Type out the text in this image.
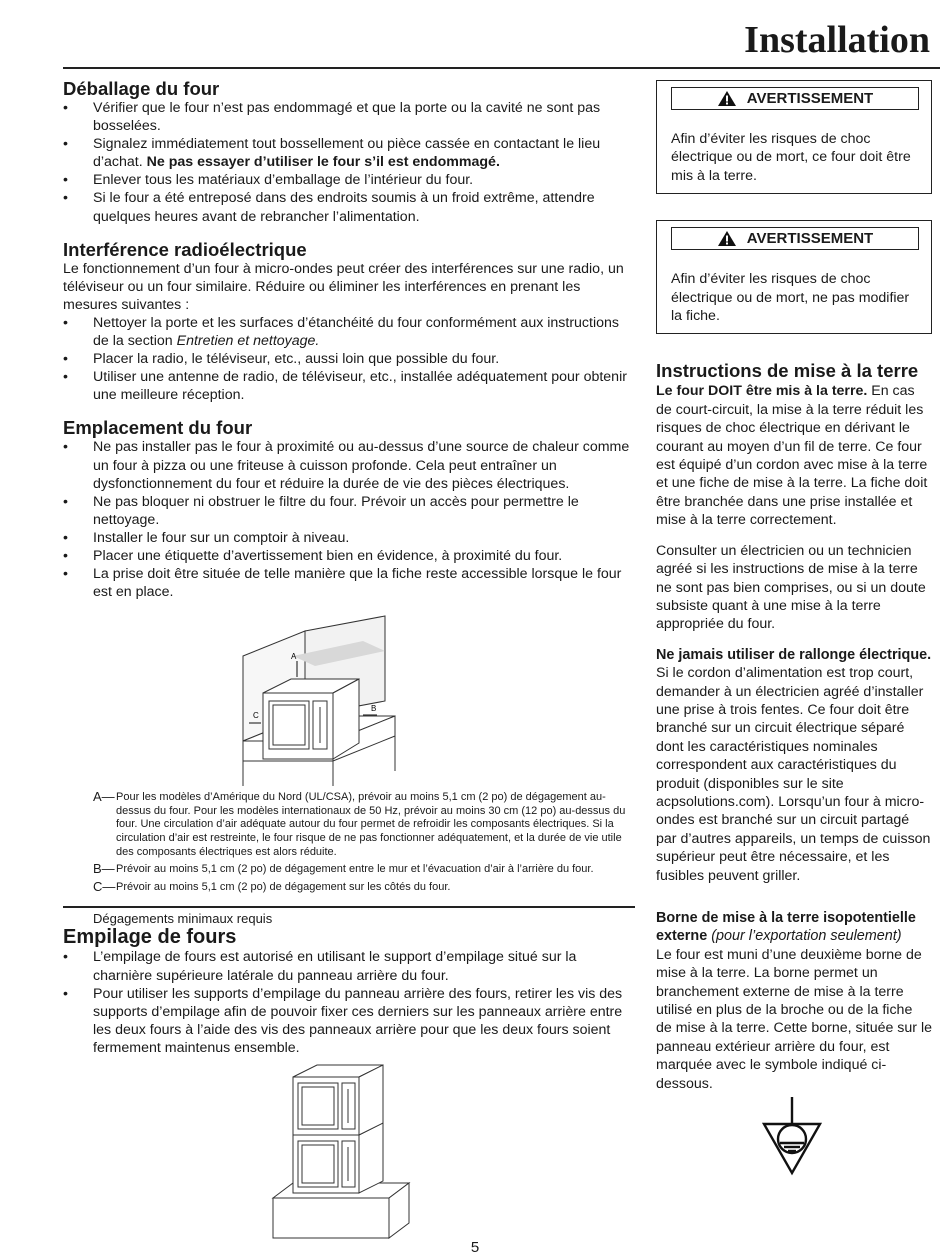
Installation
Déballage du four
• Vérifier que le four n’est pas endommagé et que la porte ou la cavité ne sont pas bosselées.
• Signalez immédiatement tout bossellement ou pièce cassée en contactant le lieu d’achat. Ne pas essayer d’utiliser le four s’il est endommagé.
• Enlever tous les matériaux d’emballage de l’intérieur du four.
• Si le four a été entreposé dans des endroits soumis à un froid extrême, attendre quelques heures avant de rebrancher l’alimentation.
Interférence radioélectrique

Le fonctionnement d’un four à micro-ondes peut créer des interférences sur une radio, un téléviseur ou un four similaire. Réduire ou éliminer les interférences en prenant les mesures suivantes :

• Nettoyer la porte et les surfaces d’étanchéité du four conformément aux instructions de la section Entretien et nettoyage.
• Placer la radio, le téléviseur, etc., aussi loin que possible du four.
• Utiliser une antenne de radio, de téléviseur, etc., installée adéquatement pour obtenir une meilleure réception.
Emplacement du four
• Ne pas installer pas le four à proximité ou au-dessus d’une source de chaleur comme un four à pizza ou une friteuse à cuisson profonde. Cela peut entraîner un dysfonctionnement du four et réduire la durée de vie des pièces électriques.
• Ne pas bloquer ni obstruer le filtre du four. Prévoir un accès pour permettre le nettoyage.
• Installer le four sur un comptoir à niveau.
• Placer une étiquette d’avertissement bien en évidence, à proximité du four.
• La prise doit être située de telle manière que la fiche reste accessible lorsque le four est en place.
A
C
B
A— Pour les modèles d’Amérique du Nord (UL/CSA), prévoir au moins 5,1 cm (2 po) de dégagement au-dessus du four. Pour les modèles internationaux de 50 Hz, prévoir au moins 30 cm (12 po) au-dessus du four. Une circulation d’air adéquate autour du four permet de refroidir les composants électriques. Si la circulation d’air est restreinte, le four risque de ne pas fonctionner adéquatement, et la durée de vie utile des composants électriques est alors réduite.
B— Prévoir au moins 5,1 cm (2 po) de dégagement entre le mur et l’évacuation d’air à l’arrière du four.
C— Prévoir au moins 5,1 cm (2 po) de dégagement sur les côtés du four.
Dégagements minimaux requis
Empilage de fours
• L’empilage de fours est autorisé en utilisant le support d’empilage situé sur la charnière supérieure latérale du panneau arrière du four.
• Pour utiliser les supports d’empilage du panneau arrière des fours, retirer les vis des supports d’empilage afin de pouvoir fixer ces derniers sur les panneaux arrière entre les deux fours à l’aide des vis des panneaux arrière pour que les deux fours soient fermement maintenus ensemble.
AVERTISSEMENT

Afin d’éviter les risques de choc électrique ou de mort, ce four doit être mis à la terre.

AVERTISSEMENT

Afin d’éviter les risques de choc électrique ou de mort, ne pas modifier la fiche.

Instructions de mise à la terre

Le four DOIT être mis à la terre. En cas de court-circuit, la mise à la terre réduit les risques de choc électrique en dérivant le courant au moyen d’un fil de terre. Ce four est équipé d’un cordon avec mise à la terre et une fiche de mise à la terre. La fiche doit être branchée dans une prise installée et mise à la terre correctement.

Consulter un électricien ou un technicien agréé si les instructions de mise à la terre ne sont pas bien comprises, ou si un doute subsiste quant à une mise à la terre appropriée du four.

Ne jamais utiliser de rallonge électrique.

Si le cordon d’alimentation est trop court, demander à un électricien agréé d’installer une prise à trois fentes. Ce four doit être branché sur un circuit électrique séparé dont les caractéristiques nominales correspondent aux caractéristiques du produit (disponibles sur le site acpsolutions.com). Lorsqu’un four à micro-ondes est branché sur un circuit partagé par d’autres appareils, un temps de cuisson supérieur peut être nécessaire, et les fusibles peuvent griller.

Borne de mise à la terre isopotentielle externe (pour l’exportation seulement)

Le four est muni d’une deuxième borne de mise à la terre. La borne permet un branchement externe de mise à la terre utilisé en plus de la broche ou de la fiche de mise à la terre. Cette borne, située sur le panneau extérieur arrière du four, est marquée avec le symbole indiqué ci-dessous.

5
